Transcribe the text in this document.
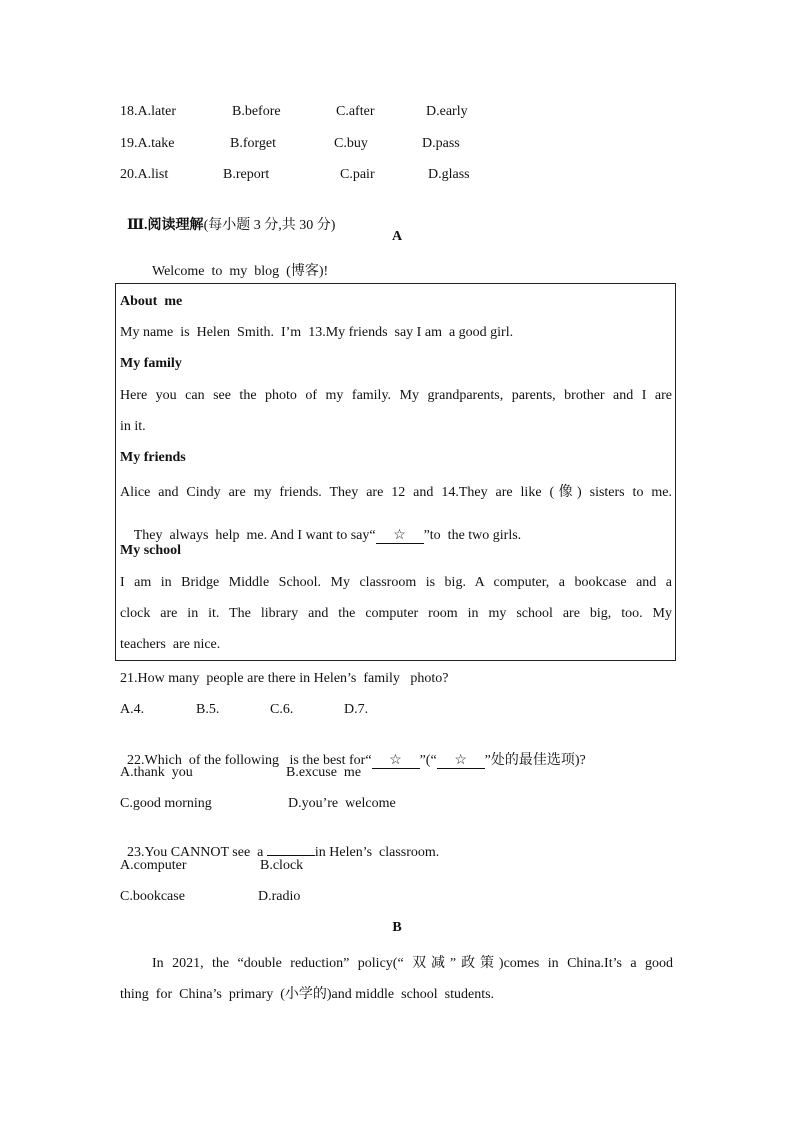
18.A.later	B.before	C.after	D.early
19.A.take	B.forget	C.buy	D.pass
20.A.list	B.report	C.pair	D.glass

Ⅲ.阅读理解(每小题 3 分,共 30 分)

A
Welcome  to  my  blog  (博客)!
About  me
My name  is  Helen  Smith.  I’m  13.My friends  say I am  a good girl.
My family
Here you can see the photo of my family. My grandparents, parents, brother and I are
in it.
My friends
Alice and Cindy are my friends. They are 12 and 14.They are like (像) sisters to me.

They  always  help  me. And I want to say“ ☆ ”to  the two girls.

My school
I am in Bridge Middle School. My classroom is big. A computer, a bookcase and a
clock are in it. The library and the computer room in my school are big, too. My
teachers  are nice.
21.How many  people are there in Helen’s  family   photo?
A.4.	B.5.	C.6.	D.7.

22.Which  of the following   is the best for“ ☆ ”(“ ☆ ”处的最佳选项)?

A.thank  you	B.excuse  me
C.good morning	D.you’re  welcome

23.You CANNOT see  a	in Helen’s  classroom.

A.computer	B.clock
C.bookcase	D.radio
B
In 2021, the “double reduction” policy(“ 双减”政策)comes in China.It’s a good
thing  for  China’s  primary  (小学的)and middle  school  students.
